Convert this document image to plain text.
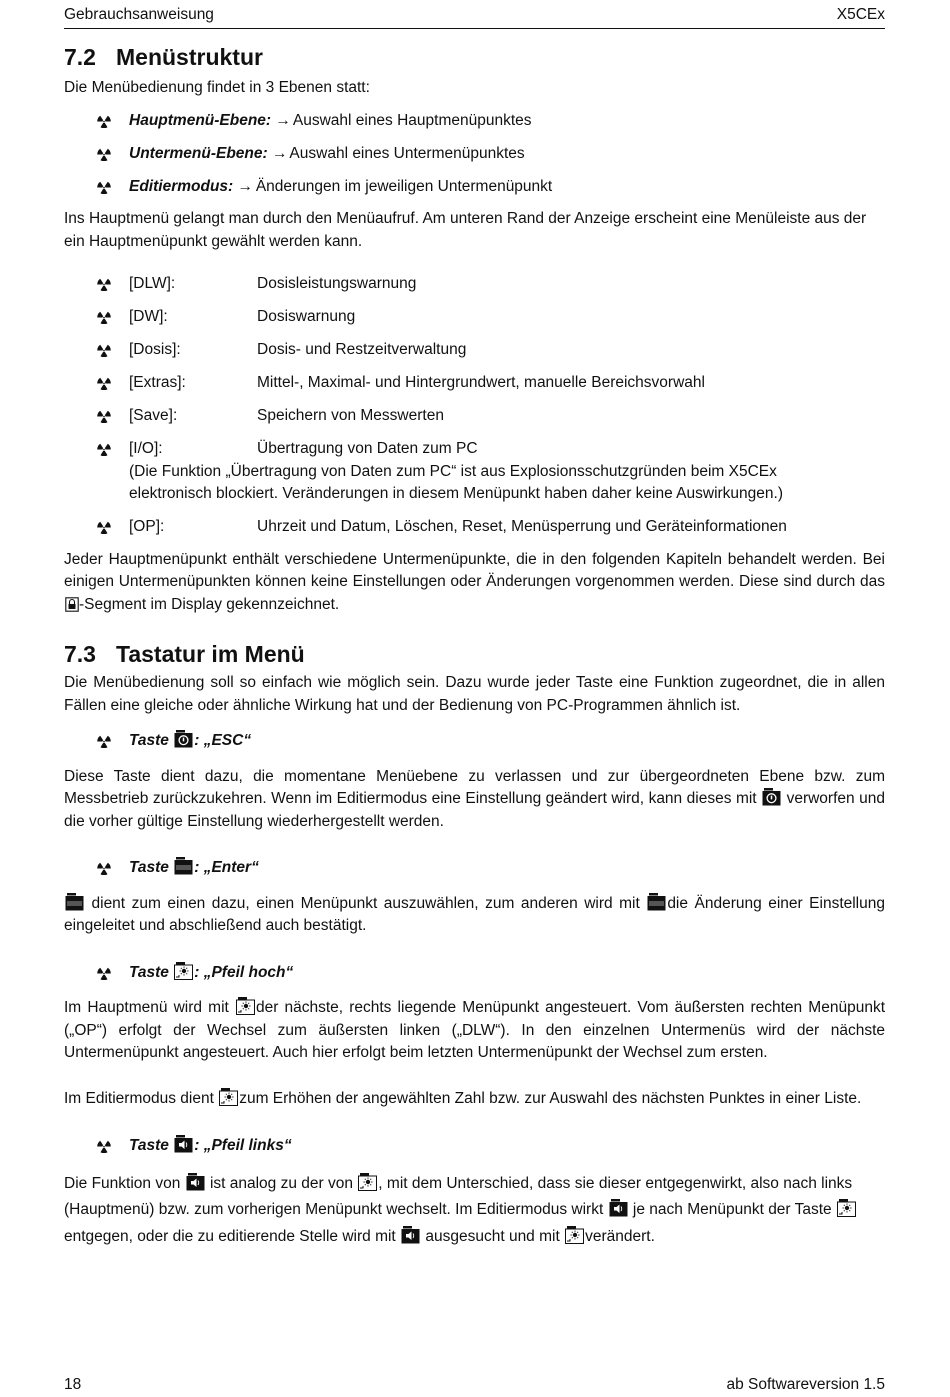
Gebrauchsanweisung	X5CEx
7.2 Menüstruktur

Die Menübedienung findet in 3 Ebenen statt:

Hauptmenü-Ebene: → Auswahl eines Hauptmenüpunktes
Untermenü-Ebene: → Auswahl eines Untermenüpunktes
Editiermodus: → Änderungen im jeweiligen Untermenüpunkt

Ins Hauptmenü gelangt man durch den Menüaufruf. Am unteren Rand der Anzeige erscheint eine Menüleiste aus der ein Hauptmenüpunkt gewählt werden kann.

[DLW]:	Dosisleistungswarnung
[DW]:	Dosiswarnung
[Dosis]:	Dosis- und Restzeitverwaltung
[Extras]:	Mittel-, Maximal- und Hintergrundwert, manuelle Bereichsvorwahl
[Save]:	Speichern von Messwerten
[I/O]:	Übertragung von Daten zum PC
(Die Funktion „Übertragung von Daten zum PC“ ist aus Explosionsschutzgründen beim X5CEx
elektronisch blockiert. Veränderungen in diesem Menüpunkt haben daher keine Auswirkungen.)
[OP]:	Uhrzeit und Datum, Löschen, Reset, Menüsperrung und Geräteinformationen

Jeder Hauptmenüpunkt enthält verschiedene Untermenüpunkte, die in den folgenden Kapiteln behandelt werden. Bei einigen Untermenüpunkten können keine Einstellungen oder Änderungen vorgenommen werden. Diese sind durch das
-Segment im Display gekennzeichnet.

7.3 Tastatur im Menü

Die Menübedienung soll so einfach wie möglich sein. Dazu wurde jeder Taste eine Funktion zugeordnet, die in allen Fällen eine gleiche oder ähnliche Wirkung hat und der Bedienung von PC-Programmen ähnlich ist.

Taste : „ESC“

Diese Taste dient dazu, die momentane Menüebene zu verlassen und zur übergeordneten Ebene bzw. zum Messbetrieb zurückzukehren. Wenn im Editiermodus eine Einstellung geändert wird, kann dieses mit verworfen und die vorher gültige Einstellung wiederhergestellt werden.

Taste : „Enter“

dient zum einen dazu, einen Menüpunkt auszuwählen, zum anderen wird mit die Änderung einer Einstellung eingeleitet und abschließend auch bestätigt.

Taste : „Pfeil hoch“

Im Hauptmenü wird mit der nächste, rechts liegende Menüpunkt angesteuert. Vom äußersten rechten Menüpunkt („OP“) erfolgt der Wechsel zum äußersten linken („DLW“). In den einzelnen Untermenüs wird der nächste Untermenüpunkt angesteuert. Auch hier erfolgt beim letzten Untermenüpunkt der Wechsel zum ersten.

Im Editiermodus dient zum Erhöhen der angewählten Zahl bzw. zur Auswahl des nächsten Punktes in einer Liste.

Taste : „Pfeil links“

Die Funktion von ist analog zu der von , mit dem Unterschied, dass sie dieser entgegenwirkt, also nach links (Hauptmenü) bzw. zum vorherigen Menüpunkt wechselt. Im Editiermodus wirkt je nach Menüpunkt der Taste
entgegen, oder die zu editierende Stelle wird mit ausgesucht und mit verändert.

18	ab Softwareversion 1.5
